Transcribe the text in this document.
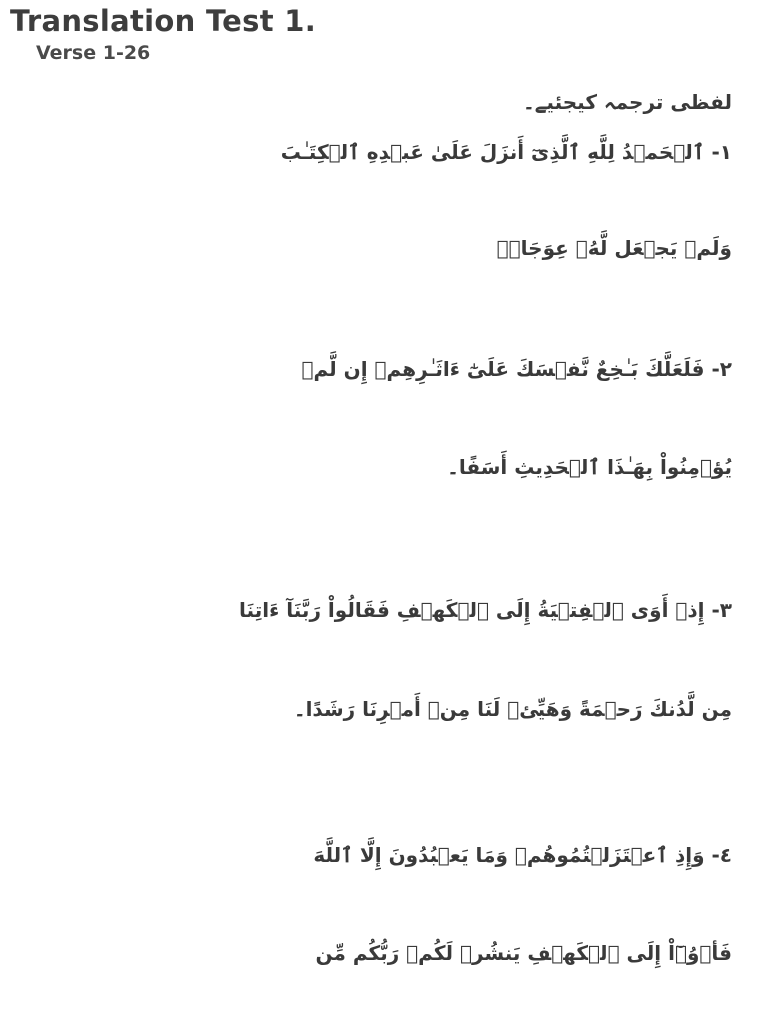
Translation Test 1.
Verse 1-26
لفظی ترجمہ کیجئیے۔
١- ٱلۡحَمۡدُ لِلَّهِ ٱلَّذِیٓ أَنزَلَ عَلَىٰ عَبۡدِهِ ٱلۡكِتَـٰبَ
وَلَمۡ يَجۡعَل لَّهُۥ عِوَجَاۜ۔
٢- فَلَعَلَّكَ بَـٰخِعٌ نَّفۡسَكَ عَلَىٰٓ ءَاثَـٰرِهِمۡ إِن لَّمۡ
يُؤۡمِنُواْ بِهَـٰذَا ٱلۡحَدِيثِ أَسَفًا۔
٣- إِذۡ أَوَى ٱلۡفِتۡيَةُ إِلَى ٱلۡكَهۡفِ فَقَالُواْ رَبَّنَآ ءَاتِنَا
مِن لَّدُنكَ رَحۡمَةً وَهَيِّئۡ لَنَا مِنۡ أَمۡرِنَا رَشَدًا۔
٤- وَإِذِ ٱعۡتَزَلۡتُمُوهُمۡ وَمَا يَعۡبُدُونَ إِلَّا ٱللَّهَ
فَأۡوُۥٓاْ إِلَى ٱلۡكَهۡفِ يَنشُرۡ لَكُمۡ رَبُّكُم مِّن
